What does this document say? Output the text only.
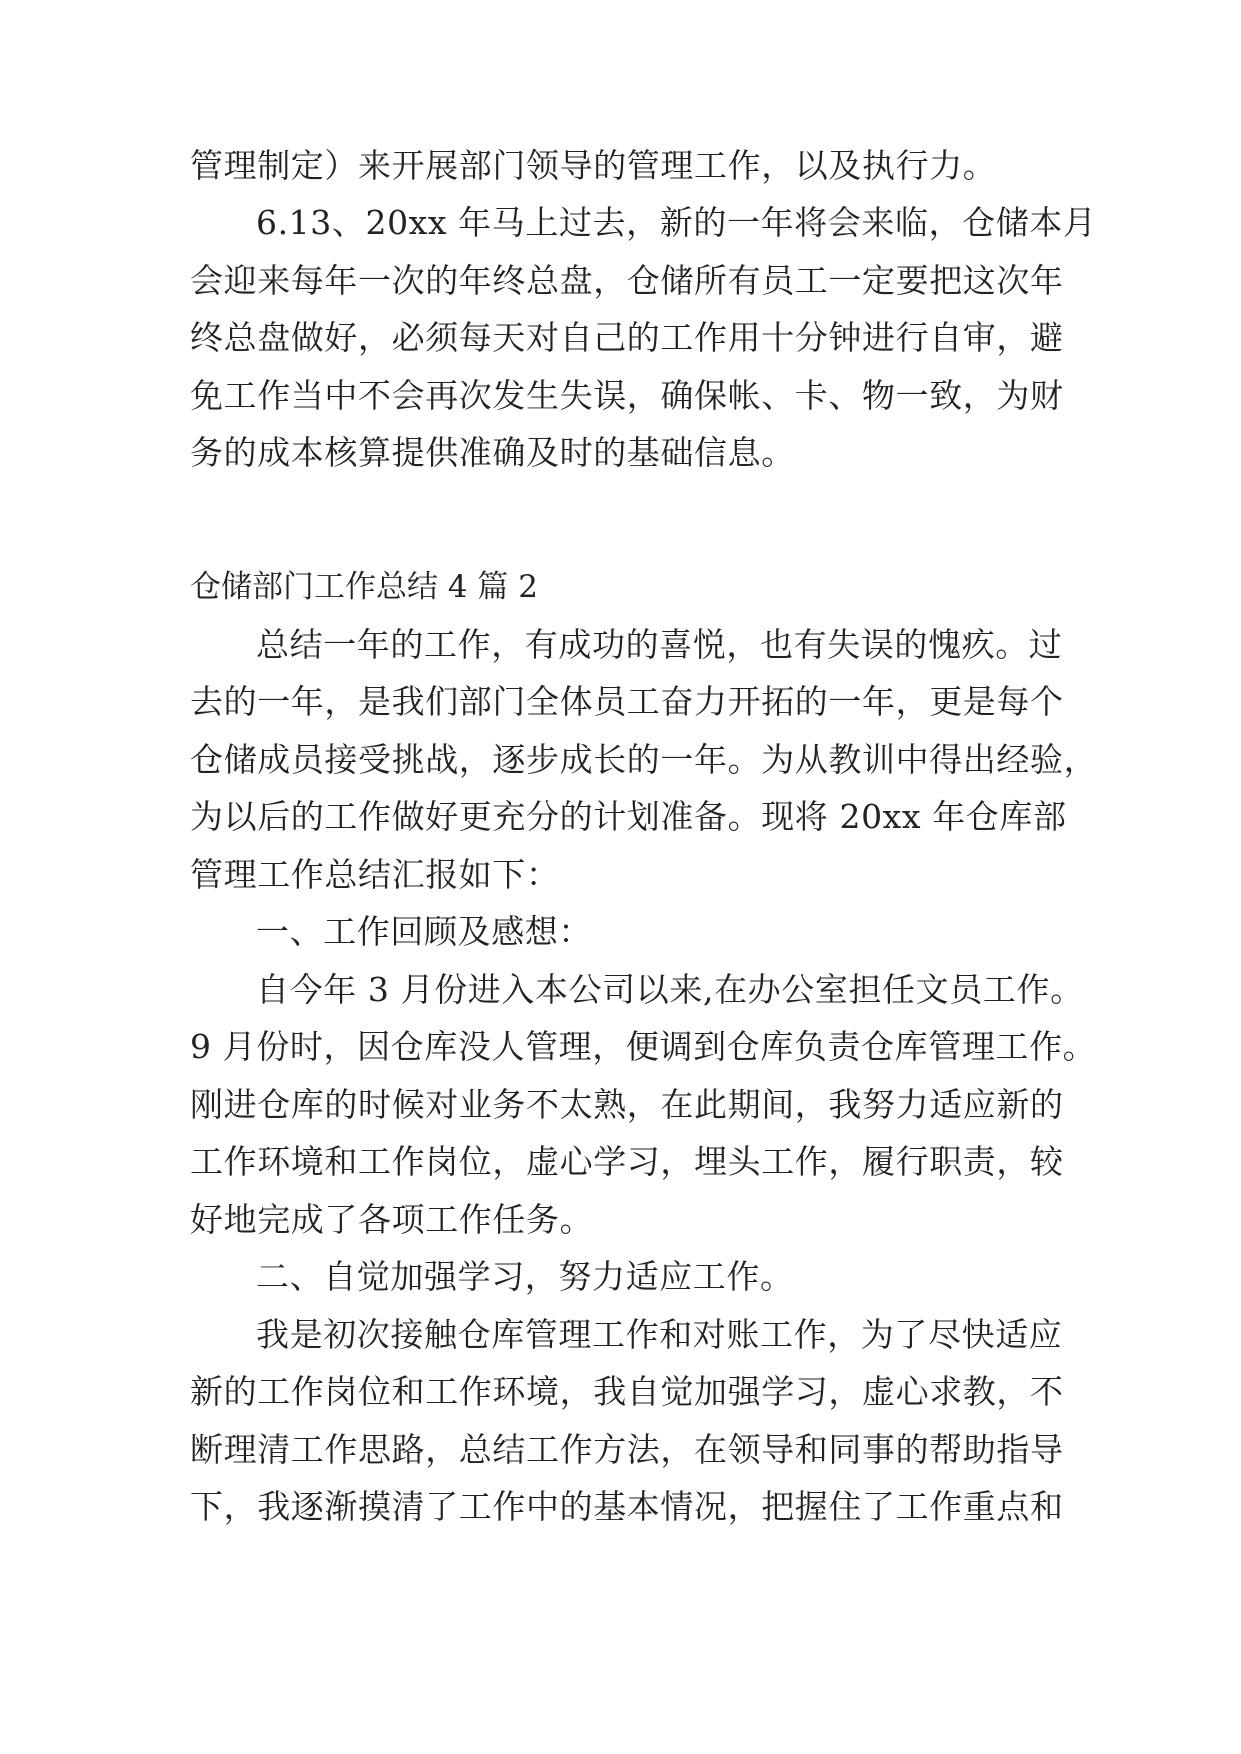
管理制定）来开展部门领导的管理工作，以及执行力。

6.13、20xx 年马上过去，新的一年将会来临，仓储本月

会迎来每年一次的年终总盘，仓储所有员工一定要把这次年

终总盘做好，必须每天对自己的工作用十分钟进行自审，避

免工作当中不会再次发生失误，确保帐、卡、物一致，为财

务的成本核算提供准确及时的基础信息。

仓储部门工作总结 4 篇 2

总结一年的工作，有成功的喜悦，也有失误的愧疚。过

去的一年，是我们部门全体员工奋力开拓的一年，更是每个

仓储成员接受挑战，逐步成长的一年。为从教训中得出经验，

为以后的工作做好更充分的计划准备。现将 20xx 年仓库部

管理工作总结汇报如下：

一、工作回顾及感想：

自今年 3 月份进入本公司以来,在办公室担任文员工作。

9 月份时，因仓库没人管理，便调到仓库负责仓库管理工作。

刚进仓库的时候对业务不太熟，在此期间，我努力适应新的

工作环境和工作岗位，虚心学习，埋头工作，履行职责，较

好地完成了各项工作任务。

二、自觉加强学习，努力适应工作。

我是初次接触仓库管理工作和对账工作，为了尽快适应

新的工作岗位和工作环境，我自觉加强学习，虚心求教，不

断理清工作思路，总结工作方法，在领导和同事的帮助指导

下，我逐渐摸清了工作中的基本情况，把握住了工作重点和
